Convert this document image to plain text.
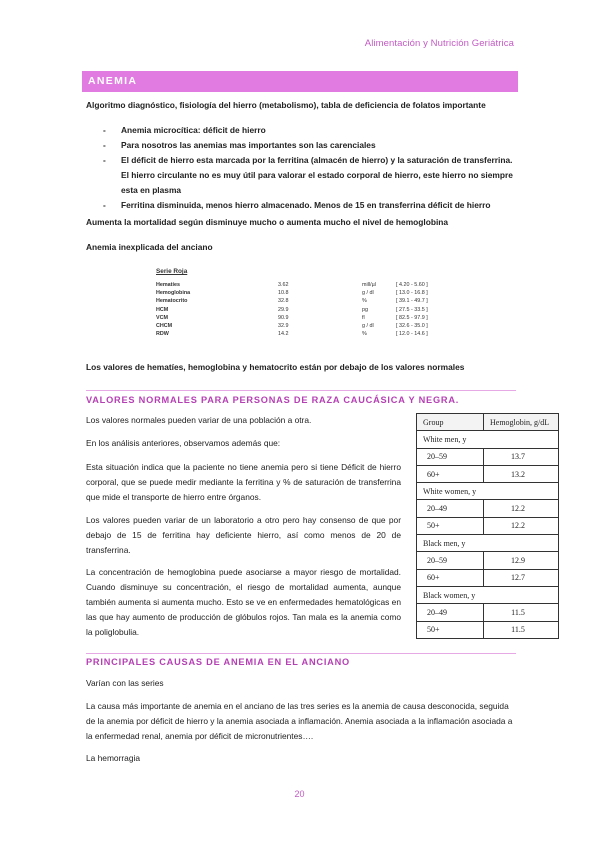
Alimentación y Nutrición Geriátrica
ANEMIA
Algoritmo diagnóstico, fisiología del hierro (metabolismo), tabla de deficiencia de folatos importante
- Anemia microcítica: déficit de hierro
- Para nosotros las anemias mas importantes son las carenciales
- El déficit de hierro esta marcada por la ferritina (almacén de hierro) y la saturación de transferrina. El hierro circulante no es muy útil para valorar el estado corporal de hierro, este hierro no siempre esta en plasma
- Ferritina disminuida, menos hierro almacenado. Menos de 15 en transferrina déficit de hierro
Aumenta la mortalidad según disminuye mucho o aumenta mucho el nivel de hemoglobina
Anemia inexplicada del anciano
Serie Roja
Hematíes	3.62	mill/µl	[ 4.20 - 5.60 ]
Hemoglobina	10.8	g / dl	[ 13.0 - 16.8 ]
Hematocrito	32.8	%	[ 39.1 - 49.7 ]
HCM	29.9	pg	[ 27.5 - 33.5 ]
VCM	90.9	fl	[ 82.5 - 97.9 ]
CHCM	32.9	g / dl	[ 32.6 - 35.0 ]
RDW	14.2	%	[ 12.0 - 14.6 ]
Los valores de hematíes, hemoglobina y hematocrito están por debajo de los valores normales
VALORES NORMALES PARA PERSONAS DE RAZA CAUCÁSICA Y NEGRA.
Los valores normales pueden variar de una población a otra.
En los análisis anteriores, observamos además que:
Esta situación indica que la paciente no tiene anemia pero si tiene Déficit de hierro corporal, que se puede medir mediante la ferritina y % de saturación de transferrina que mide el transporte de hierro entre órganos.
Los valores pueden variar de un laboratorio a otro pero hay consenso de que por debajo de 15 de ferritina hay deficiente hierro, así como menos de 20 de transferrina.
La concentración de hemoglobina puede asociarse a mayor riesgo de mortalidad. Cuando disminuye su concentración, el riesgo de mortalidad aumenta, aunque también aumenta si aumenta mucho. Esto se ve en enfermedades hematológicas en las que hay aumento de producción de glóbulos rojos. Tan mala es la anemia como la poliglobulia.
Group	Hemoglobin, g/dL
White men, y	
20–59	13.7
60+	13.2
White women, y	
20–49	12.2
50+	12.2
Black men, y	
20–59	12.9
60+	12.7
Black women, y	
20–49	11.5
50+	11.5
PRINCIPALES CAUSAS DE ANEMIA EN EL ANCIANO
Varían con las series
La causa más importante de anemia en el anciano de las tres series es la anemia de causa desconocida, seguida de la anemia por déficit de hierro y la anemia asociada a inflamación. Anemia asociada a la inflamación asociada a la enfermedad renal, anemia por déficit de micronutrientes….
La hemorragia
20
